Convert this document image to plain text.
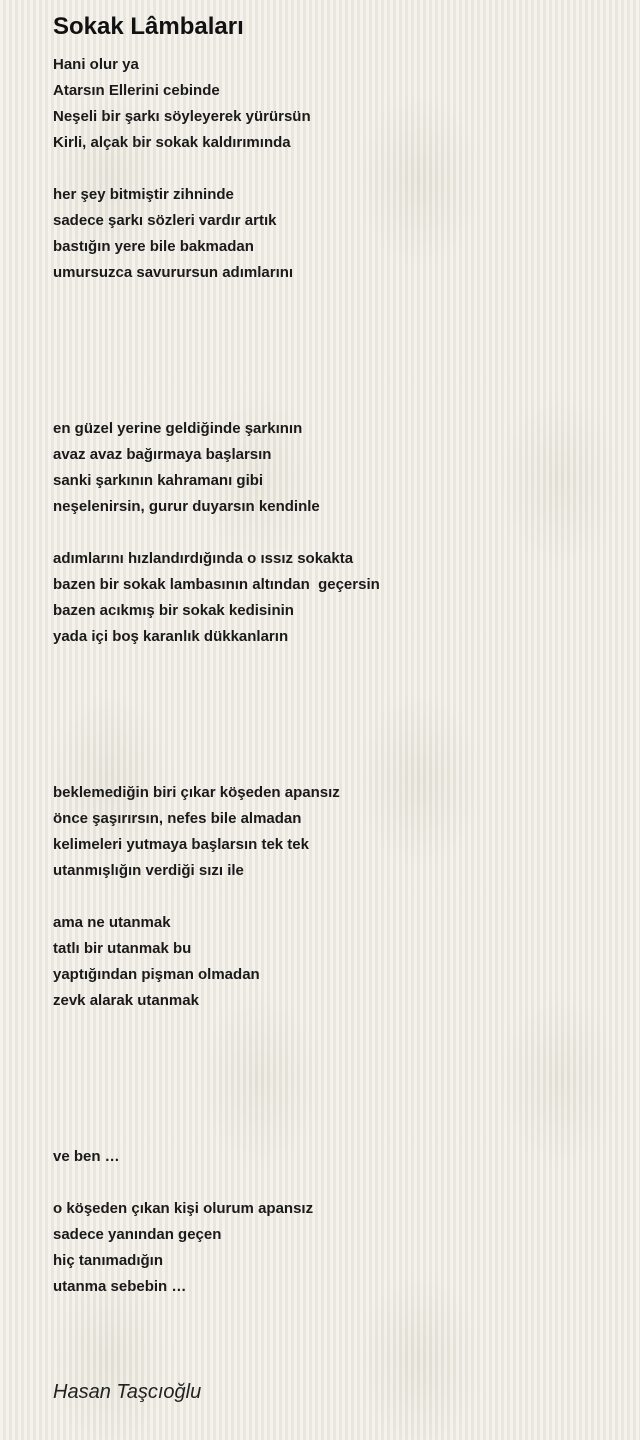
Sokak Lâmbaları
Hani olur ya
Atarsın Ellerini cebinde
Neşeli bir şarkı söyleyerek yürürsün
Kirli, alçak bir sokak kaldırımında
her şey bitmiştir zihninde
sadece şarkı sözleri vardır artık
bastığın yere bile bakmadan
umursuzca savurursun adımlarını
en güzel yerine geldiğinde şarkının
avaz avaz bağırmaya başlarsın
sanki şarkının kahramanı gibi
neşelenirsin, gurur duyarsın kendinle
adımlarını hızlandırdığında o ıssız sokakta
bazen bir sokak lambasının altından  geçersin
bazen acıkmış bir sokak kedisinin
yada içi boş karanlık dükkanların
beklemediğin biri çıkar köşeden apansız
önce şaşırırsın, nefes bile almadan
kelimeleri yutmaya başlarsın tek tek
utanmışlığın verdiği sızı ile
ama ne utanmak
tatlı bir utanmak bu
yaptığından pişman olmadan
zevk alarak utanmak
ve ben …
o köşeden çıkan kişi olurum apansız
sadece yanından geçen
hiç tanımadığın
utanma sebebin …
Hasan Taşcıoğlu
